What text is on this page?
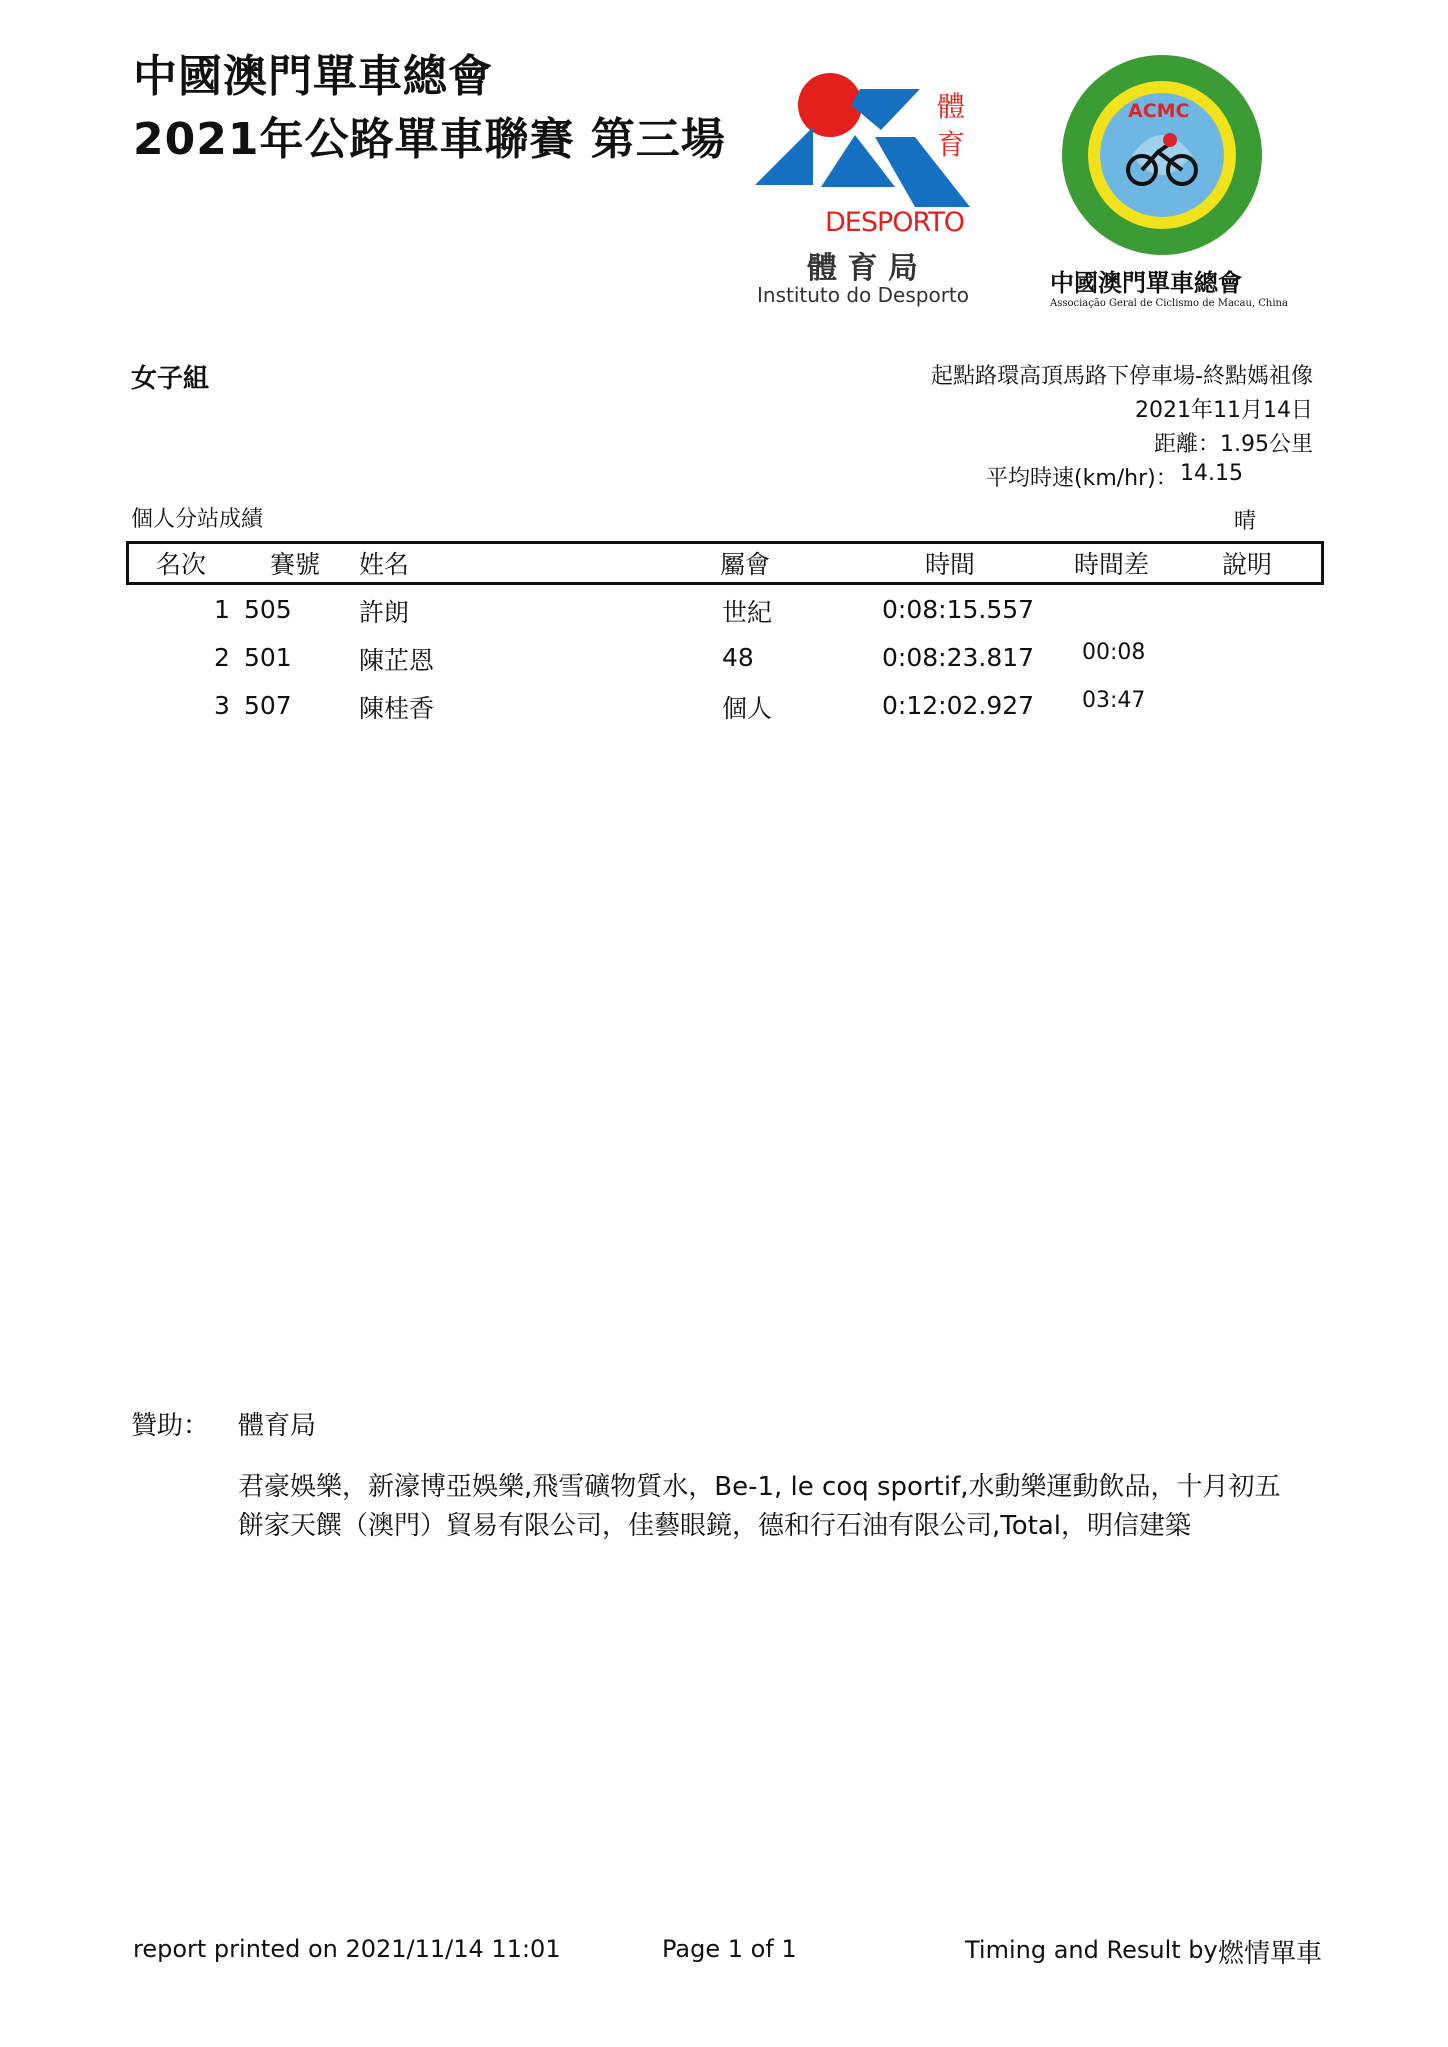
中國澳門單車總會
2021年公路單車聯賽 第三場
體
育
DESPORTO
體 育 局
Instituto do Desporto
ACMC
中國澳門單車總會
Associação Geral de Ciclismo de Macau, China
女子組	起點路環高頂馬路下停車場-終點媽祖像
2021年11月14日
距離：1.95公里
平均時速(km/hr)： 14.15
個人分站成績	晴
名次	賽號 姓名	屬會	時間	時間差	說明
1 505	許朗	世紀	0:08:15.557
2 501	陳芷恩	48	0:08:23.817 00:08
3 507	陳桂香	個人	0:12:02.927 03:47
贊助： 體育局
君豪娛樂，新濠博亞娛樂,飛雪礦物質水，Be-1, le coq sportif,水動樂運動飲品，十月初五
餅家天饌（澳門）貿易有限公司，佳藝眼鏡，德和行石油有限公司,Total，明信建築
report printed on 2021/11/14 11:01	Page 1 of 1	Timing and Result by 燃情單車
